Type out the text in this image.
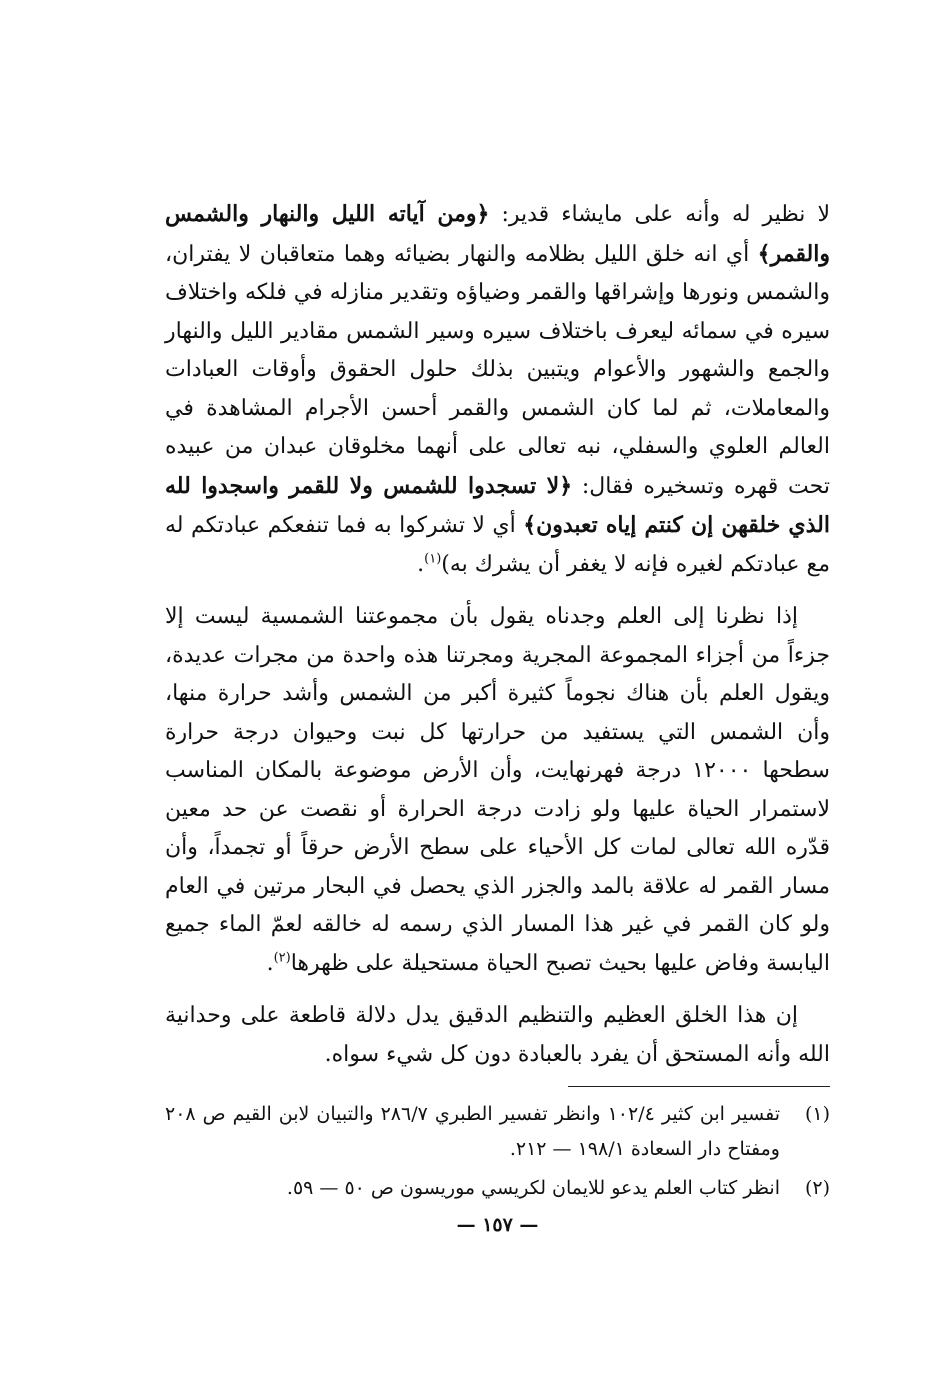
لا نظير له وأنه على مايشاء قدير: ﴿ومن آياته الليل والنهار والشمس والقمر﴾ أي انه خلق الليل بظلامه والنهار بضيائه وهما متعاقبان لا يفتران، والشمس ونورها وإشراقها والقمر وضياؤه وتقدير منازله في فلكه واختلاف سيره في سمائه ليعرف باختلاف سيره وسير الشمس مقادير الليل والنهار والجمع والشهور والأعوام ويتبين بذلك حلول الحقوق وأوقات العبادات والمعاملات، ثم لما كان الشمس والقمر أحسن الأجرام المشاهدة في العالم العلوي والسفلي، نبه تعالى على أنهما مخلوقان عبدان من عبيده تحت قهره وتسخيره فقال: ﴿لا تسجدوا للشمس ولا للقمر واسجدوا لله الذي خلقهن إن كنتم إياه تعبدون﴾ أي لا تشركوا به فما تنفعكم عبادتكم له مع عبادتكم لغيره فإنه لا يغفر أن يشرك به)$^{(١)}$.

إذا نظرنا إلى العلم وجدناه يقول بأن مجموعتنا الشمسية ليست إلا جزءاً من أجزاء المجموعة المجرية ومجرتنا هذه واحدة من مجرات عديدة، ويقول العلم بأن هناك نجوماً كثيرة أكبر من الشمس وأشد حرارة منها، وأن الشمس التي يستفيد من حرارتها كل نبت وحيوان درجة حرارة سطحها ١٢٠٠٠ درجة فهرنهايت، وأن الأرض موضوعة بالمكان المناسب لاستمرار الحياة عليها ولو زادت درجة الحرارة أو نقصت عن حد معين قدّره الله تعالى لمات كل الأحياء على سطح الأرض حرقاً أو تجمداً، وأن مسار القمر له علاقة بالمد والجزر الذي يحصل في البحار مرتين في العام ولو كان القمر في غير هذا المسار الذي رسمه له خالقه لعمّ الماء جميع اليابسة وفاض عليها بحيث تصبح الحياة مستحيلة على ظهرها$^{(٢)}$.

إن هذا الخلق العظيم والتنظيم الدقيق يدل دلالة قاطعة على وحدانية الله وأنه المستحق أن يفرد بالعبادة دون كل شيء سواه.

(١)
تفسير ابن كثير ١٠٢/٤ وانظر تفسير الطبري ٢٨٦/٧ والتبيان لابن القيم ص ٢٠٨ ومفتاح دار السعادة ١٩٨/١ — ٢١٢.
(٢)
انظر كتاب العلم يدعو للايمان لكريسي موريسون ص ٥٠ — ٥٩.
— ١٥٧ —
